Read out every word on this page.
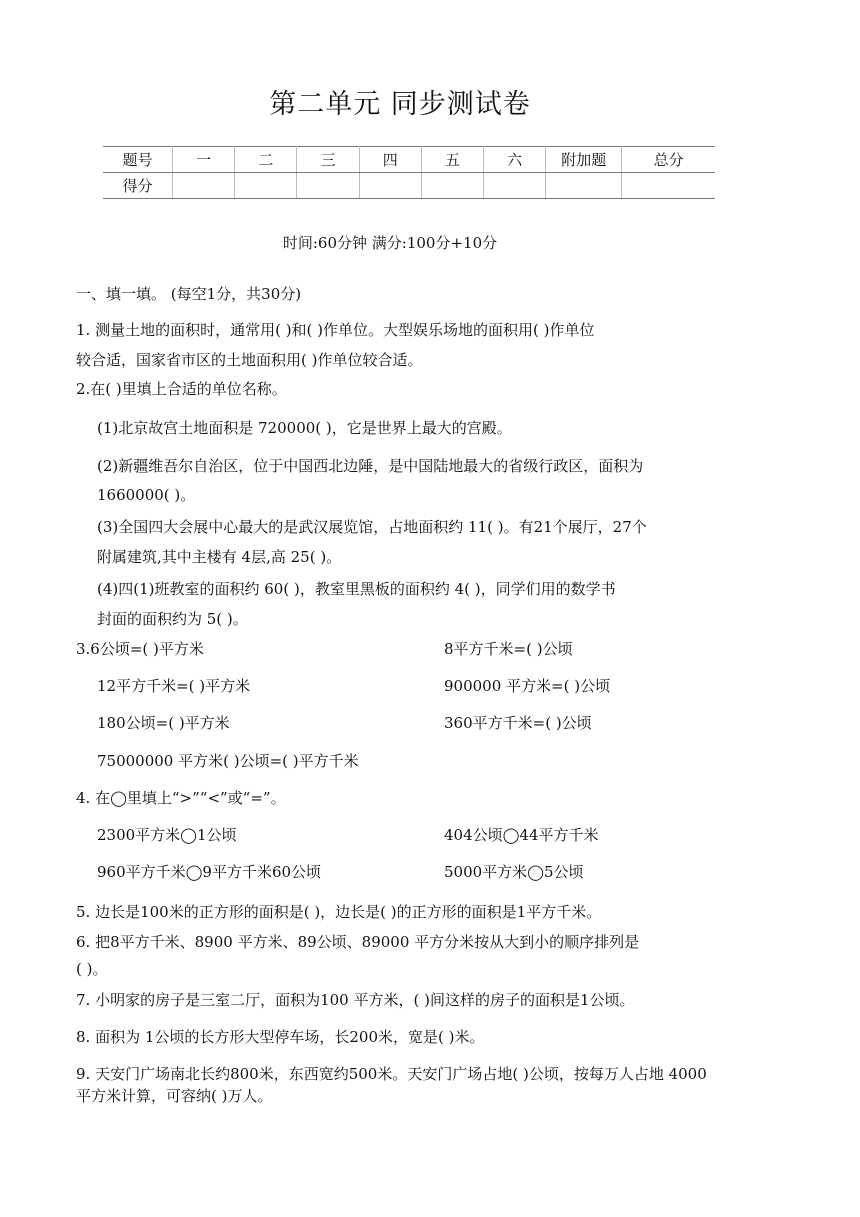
第二单元 同步测试卷
题号	一	二	三	四	五	六	附加题	总分
得分								
时间:60分钟 满分:100分+10分
一、填一填。 (每空1分，共30分)
1. 测量土地的面积时，通常用( )和( )作单位。大型娱乐场地的面积用( )作单位
较合适，国家省市区的土地面积用( )作单位较合适。
2.在( )里填上合适的单位名称。
(1)北京故宫土地面积是 720000( )，它是世界上最大的宫殿。
(2)新疆维吾尔自治区，位于中国西北边陲，是中国陆地最大的省级行政区，面积为
1660000( )。
(3)全国四大会展中心最大的是武汉展览馆，占地面积约 11( )。有21个展厅，27个
附属建筑,其中主楼有 4层,高 25( )。
(4)四(1)班教室的面积约 60( )，教室里黑板的面积约 4( )，同学们用的数学书
封面的面积约为 5( )。
3.6公顷=( )平方米	8平方千米=( )公顷
12平方千米=( )平方米	900000 平方米=( )公顷
180公顷=( )平方米	360平方千米=( )公顷
75000000 平方米( )公顷=( )平方千米
4. 在◯里填上“>”“<”或“=”。
2300平方米◯1公顷	404公顷◯44平方千米
960平方千米◯9平方千米60公顷	5000平方米◯5公顷
5. 边长是100米的正方形的面积是( )，边长是( )的正方形的面积是1平方千米。
6. 把8平方千米、8900 平方米、89公顷、89000 平方分米按从大到小的顺序排列是
( )。
7. 小明家的房子是三室二厅，面积为100 平方米，( )间这样的房子的面积是1公顷。
8. 面积为 1公顷的长方形大型停车场，长200米，宽是( )米。
9. 天安门广场南北长约800米，东西宽约500米。天安门广场占地( )公顷，按每万人占地 4000
平方米计算，可容纳( )万人。
